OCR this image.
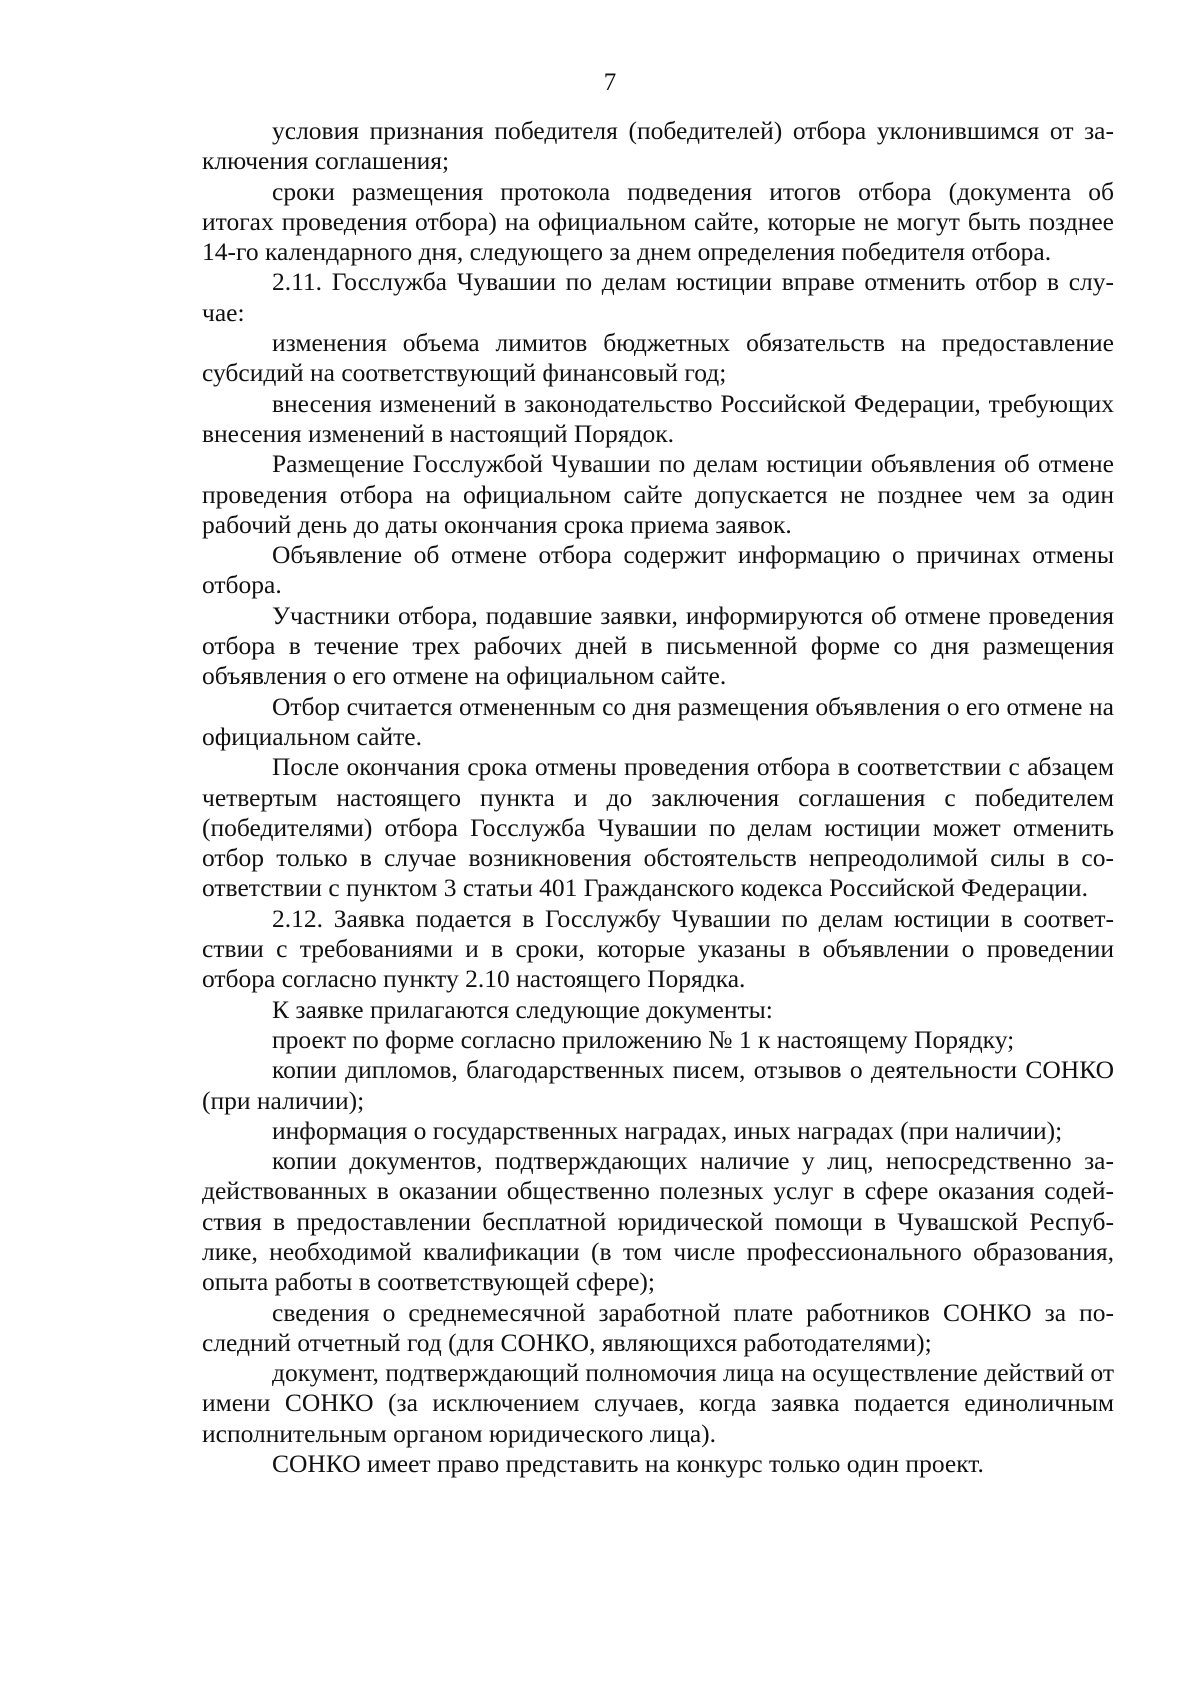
7

условия признания победителя (победителей) отбора уклонившимся от заключения соглашения;

сроки размещения протокола подведения итогов отбора (документа об итогах проведения отбора) на официальном сайте, которые не могут быть позднее 14-го календарного дня, следующего за днем определения победителя отбора.

2.11. Госслужба Чувашии по делам юстиции вправе отменить отбор в случае:

изменения объема лимитов бюджетных обязательств на предоставление субсидий на соответствующий финансовый год;

внесения изменений в законодательство Российской Федерации, требующих внесения изменений в настоящий Порядок.

Размещение Госслужбой Чувашии по делам юстиции объявления об отмене проведения отбора на официальном сайте допускается не позднее чем за один рабочий день до даты окончания срока приема заявок.

Объявление об отмене отбора содержит информацию о причинах отмены отбора.

Участники отбора, подавшие заявки, информируются об отмене проведения отбора в течение трех рабочих дней в письменной форме со дня размещения объявления о его отмене на официальном сайте.

Отбор считается отмененным со дня размещения объявления о его отмене на официальном сайте.

После окончания срока отмены проведения отбора в соответствии с абзацем четвертым настоящего пункта и до заключения соглашения с победителем (победителями) отбора Госслужба Чувашии по делам юстиции может отменить отбор только в случае возникновения обстоятельств непреодолимой силы в соответствии с пунктом 3 статьи 401 Гражданского кодекса Российской Федерации.

2.12. Заявка подается в Госслужбу Чувашии по делам юстиции в соответствии с требованиями и в сроки, которые указаны в объявлении о проведении отбора согласно пункту 2.10 настоящего Порядка.

К заявке прилагаются следующие документы:

проект по форме согласно приложению № 1 к настоящему Порядку;

копии дипломов, благодарственных писем, отзывов о деятельности СОНКО (при наличии);

информация о государственных наградах, иных наградах (при наличии);

копии документов, подтверждающих наличие у лиц, непосредственно задействованных в оказании общественно полезных услуг в сфере оказания содействия в предоставлении бесплатной юридической помощи в Чувашской Республике, необходимой квалификации (в том числе профессионального образования, опыта работы в соответствующей сфере);

сведения о среднемесячной заработной плате работников СОНКО за последний отчетный год (для СОНКО, являющихся работодателями);

документ, подтверждающий полномочия лица на осуществление действий от имени СОНКО (за исключением случаев, когда заявка подается единоличным исполнительным органом юридического лица).

СОНКО имеет право представить на конкурс только один проект.
